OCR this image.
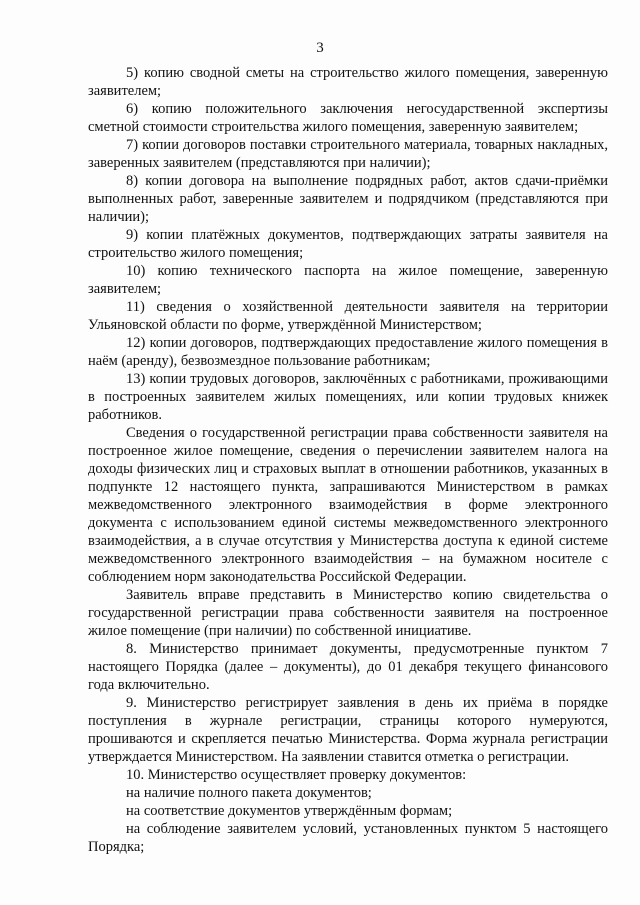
3

5) копию сводной сметы на строительство жилого помещения, заверенную заявителем;

6) копию положительного заключения негосударственной экспертизы сметной стоимости строительства жилого помещения, заверенную заявителем;

7) копии договоров поставки строительного материала, товарных накладных, заверенных заявителем (представляются при наличии);

8) копии договора на выполнение подрядных работ, актов сдачи-приёмки выполненных работ, заверенные заявителем и подрядчиком (представляются при наличии);

9) копии платёжных документов, подтверждающих затраты заявителя на строительство жилого помещения;

10) копию технического паспорта на жилое помещение, заверенную заявителем;

11) сведения о хозяйственной деятельности заявителя на территории Ульяновской области по форме, утверждённой Министерством;

12) копии договоров, подтверждающих предоставление жилого помещения в наём (аренду), безвозмездное пользование работникам;

13) копии трудовых договоров, заключённых с работниками, проживающими в построенных заявителем жилых помещениях, или копии трудовых книжек работников.

Сведения о государственной регистрации права собственности заявителя на построенное жилое помещение, сведения о перечислении заявителем налога на доходы физических лиц и страховых выплат в отношении работников, указанных в подпункте 12 настоящего пункта, запрашиваются Министерством в рамках межведомственного электронного взаимодействия в форме электронного документа с использованием единой системы межведомственного электронного взаимодействия, а в случае отсутствия у Министерства доступа к единой системе межведомственного электронного взаимодействия – на бумажном носителе с соблюдением норм законодательства Российской Федерации.

Заявитель вправе представить в Министерство копию свидетельства о государственной регистрации права собственности заявителя на построенное жилое помещение (при наличии) по собственной инициативе.

8. Министерство принимает документы, предусмотренные пунктом 7 настоящего Порядка (далее – документы), до 01 декабря текущего финансового года включительно.

9. Министерство регистрирует заявления в день их приёма в порядке поступления в журнале регистрации, страницы которого нумеруются, прошиваются и скрепляется печатью Министерства. Форма журнала регистрации утверждается Министерством. На заявлении ставится отметка о регистрации.

10. Министерство осуществляет проверку документов:

на наличие полного пакета документов;

на соответствие документов утверждённым формам;

на соблюдение заявителем условий, установленных пунктом 5 настоящего Порядка;
